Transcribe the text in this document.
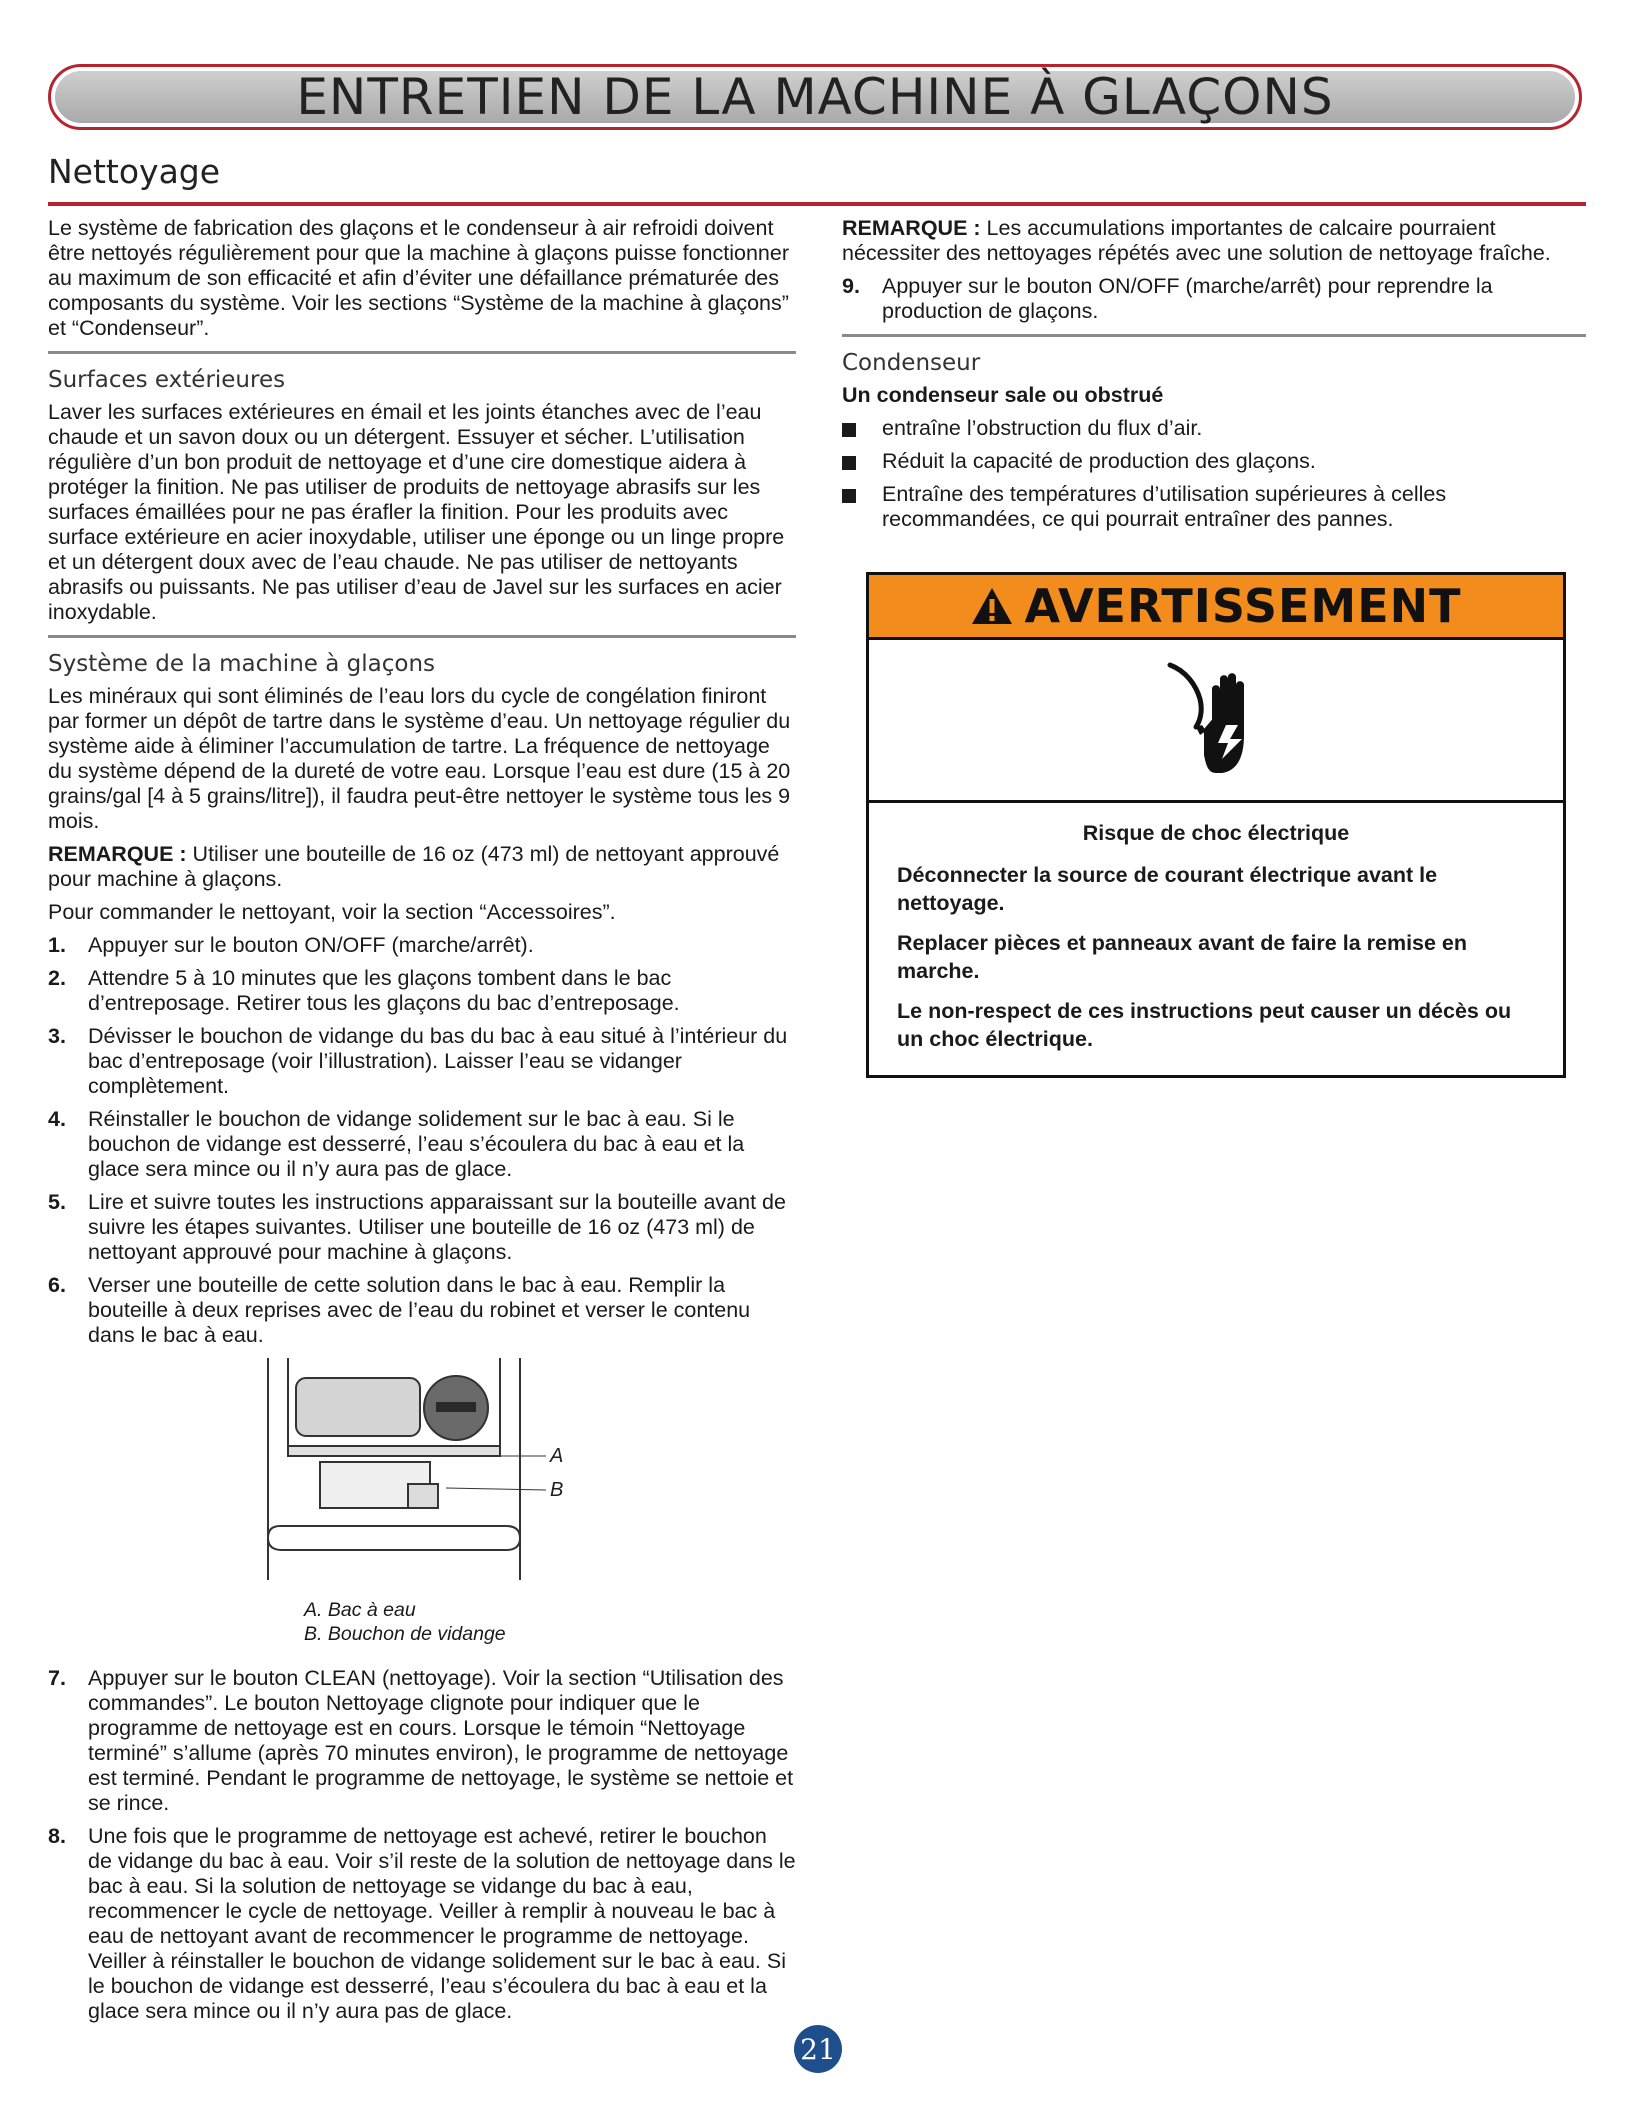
ENTRETIEN DE LA MACHINE À GLAÇONS
Nettoyage

Le système de fabrication des glaçons et le condenseur à air refroidi doivent être nettoyés régulièrement pour que la machine à glaçons puisse fonctionner au maximum de son efficacité et afin d’éviter une défaillance prématurée des composants du système. Voir les sections “Système de la machine à glaçons” et “Condenseur”.

Surfaces extérieures

Laver les surfaces extérieures en émail et les joints étanches avec de l’eau chaude et un savon doux ou un détergent. Essuyer et sécher. L’utilisation régulière d’un bon produit de nettoyage et d’une cire domestique aidera à protéger la finition. Ne pas utiliser de produits de nettoyage abrasifs sur les surfaces émaillées pour ne pas érafler la finition. Pour les produits avec surface extérieure en acier inoxydable, utiliser une éponge ou un linge propre et un détergent doux avec de l’eau chaude. Ne pas utiliser de nettoyants abrasifs ou puissants. Ne pas utiliser d’eau de Javel sur les surfaces en acier inoxydable.

Système de la machine à glaçons

Les minéraux qui sont éliminés de l’eau lors du cycle de congélation finiront par former un dépôt de tartre dans le système d’eau. Un nettoyage régulier du système aide à éliminer l’accumulation de tartre. La fréquence de nettoyage du système dépend de la dureté de votre eau. Lorsque l’eau est dure (15 à 20 grains/gal [4 à 5 grains/litre]), il faudra peut-être nettoyer le système tous les 9 mois.

REMARQUE : Utiliser une bouteille de 16 oz (473 ml) de nettoyant approuvé pour machine à glaçons.

Pour commander le nettoyant, voir la section “Accessoires”.

1. Appuyer sur le bouton ON/OFF (marche/arrêt).
2. Attendre 5 à 10 minutes que les glaçons tombent dans le bac d’entreposage. Retirer tous les glaçons du bac d’entreposage.
3. Dévisser le bouchon de vidange du bas du bac à eau situé à l’intérieur du bac d’entreposage (voir l’illustration). Laisser l’eau se vidanger complètement.
4. Réinstaller le bouchon de vidange solidement sur le bac à eau. Si le bouchon de vidange est desserré, l’eau s’écoulera du bac à eau et la glace sera mince ou il n’y aura pas de glace.
5. Lire et suivre toutes les instructions apparaissant sur la bouteille avant de suivre les étapes suivantes. Utiliser une bouteille de 16 oz (473 ml) de nettoyant approuvé pour machine à glaçons.
6. Verser une bouteille de cette solution dans le bac à eau. Remplir la bouteille à deux reprises avec de l’eau du robinet et verser le contenu dans le bac à eau.
A
B
A. Bac à eau
B. Bouchon de vidange
7. Appuyer sur le bouton CLEAN (nettoyage). Voir la section “Utilisation des commandes”. Le bouton Nettoyage clignote pour indiquer que le programme de nettoyage est en cours. Lorsque le témoin “Nettoyage terminé” s’allume (après 70 minutes environ), le programme de nettoyage est terminé. Pendant le programme de nettoyage, le système se nettoie et se rince.
8. Une fois que le programme de nettoyage est achevé, retirer le bouchon de vidange du bac à eau. Voir s’il reste de la solution de nettoyage dans le bac à eau. Si la solution de nettoyage se vidange du bac à eau, recommencer le cycle de nettoyage. Veiller à remplir à nouveau le bac à eau de nettoyant avant de recommencer le programme de nettoyage. Veiller à réinstaller le bouchon de vidange solidement sur le bac à eau. Si le bouchon de vidange est desserré, l’eau s’écoulera du bac à eau et la glace sera mince ou il n’y aura pas de glace.

REMARQUE : Les accumulations importantes de calcaire pourraient nécessiter des nettoyages répétés avec une solution de nettoyage fraîche.

9. Appuyer sur le bouton ON/OFF (marche/arrêt) pour reprendre la production de glaçons.
Condenseur

Un condenseur sale ou obstrué

entraîne l’obstruction du flux d’air.
Réduit la capacité de production des glaçons.
Entraîne des températures d’utilisation supérieures à celles recommandées, ce qui pourrait entraîner des pannes.
AVERTISSEMENT

Risque de choc électrique

Déconnecter la source de courant électrique avant le nettoyage.

Replacer pièces et panneaux avant de faire la remise en marche.

Le non-respect de ces instructions peut causer un décès ou un choc électrique.

21
